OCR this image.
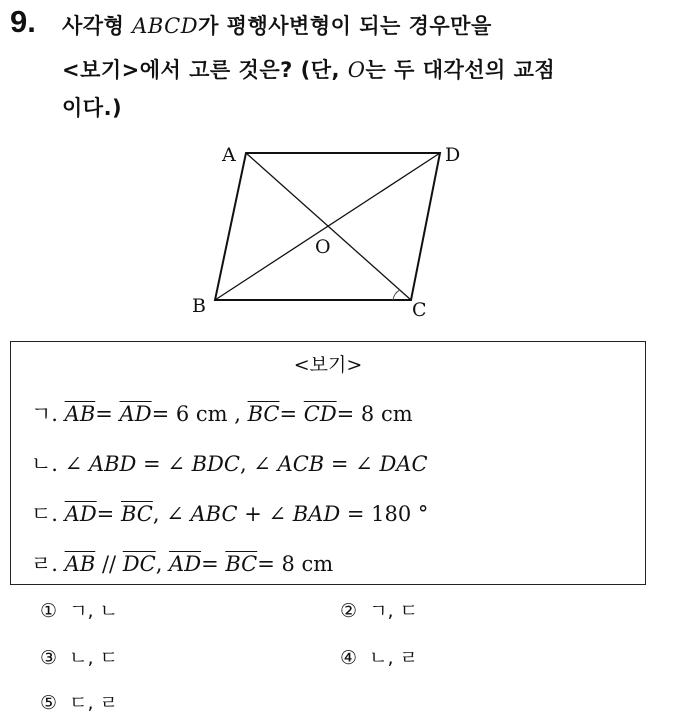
9. 사각형 ABCD가 평행사변형이 되는 경우만을
<보기>에서 고른 것은? (단, O는 두 대각선의 교점
이다.)
A	D
B	C
O
<보기>
ㄱ. $\overline{AB}= \overline{AD}= 6$ cm , $\overline{BC}= \overline{CD}= 8$ cm
ㄴ. ∠ ABD = ∠ BDC, ∠ ACB = ∠ DAC
ㄷ. $\overline{AD}= \overline{BC}$, ∠ ABC + ∠ BAD = 180 °
ㄹ. $\overline{AB} // \overline{DC}$, $\overline{AD}= \overline{BC}= 8$ cm
① ㄱ, ㄴ	② ㄱ, ㄷ
③ ㄴ, ㄷ	④ ㄴ, ㄹ
⑤ ㄷ, ㄹ
